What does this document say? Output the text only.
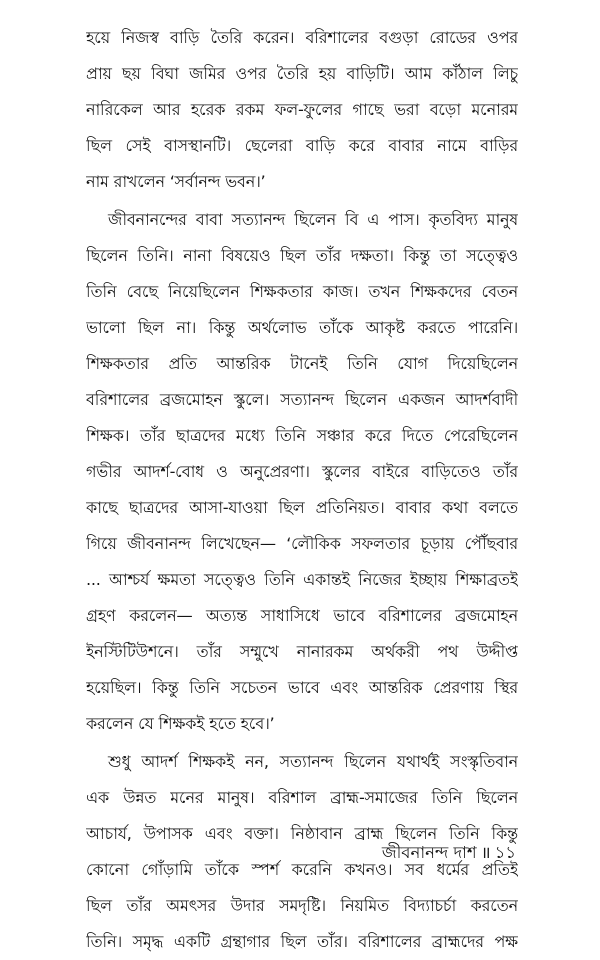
হয়ে নিজস্ব বাড়ি তৈরি করেন। বরিশালের বগুড়া রোডের ওপর
প্রায় ছয় বিঘা জমির ওপর তৈরি হয় বাড়িটি। আম কাঁঠাল লিচু
নারিকেল আর হরেক রকম ফল-ফুলের গাছে ভরা বড়ো মনোরম
ছিল সেই বাসস্থানটি। ছেলেরা বাড়ি করে বাবার নামে বাড়ির
নাম রাখলেন ‘সর্বানন্দ ভবন।’
জীবনানন্দের বাবা সত্যানন্দ ছিলেন বি এ পাস। কৃতবিদ্য মানুষ
ছিলেন তিনি। নানা বিষয়েও ছিল তাঁর দক্ষতা। কিন্তু তা সত্ত্বেও
তিনি বেছে নিয়েছিলেন শিক্ষকতার কাজ। তখন শিক্ষকদের বেতন
ভালো ছিল না। কিন্তু অর্থলোভ তাঁকে আকৃষ্ট করতে পারেনি।
শিক্ষকতার প্রতি আন্তরিক টানেই তিনি যোগ দিয়েছিলেন
বরিশালের ব্রজমোহন স্কুলে। সত্যানন্দ ছিলেন একজন আদর্শবাদী
শিক্ষক। তাঁর ছাত্রদের মধ্যে তিনি সঞ্চার করে দিতে পেরেছিলেন
গভীর আদর্শ-বোধ ও অনুপ্রেরণা। স্কুলের বাইরে বাড়িতেও তাঁর
কাছে ছাত্রদের আসা-যাওয়া ছিল প্রতিনিয়ত। বাবার কথা বলতে
গিয়ে জীবনানন্দ লিখেছেন— ‘লৌকিক সফলতার চূড়ায় পৌঁছবার
... আশ্চর্য ক্ষমতা সত্ত্বেও তিনি একান্তই নিজের ইচ্ছায় শিক্ষাব্রতই
গ্রহণ করলেন— অত্যন্ত সাধাসিধে ভাবে বরিশালের ব্রজমোহন
ইনস্টিটিউশনে। তাঁর সম্মুখে নানারকম অর্থকরী পথ উদ্দীপ্ত
হয়েছিল। কিন্তু তিনি সচেতন ভাবে এবং আন্তরিক প্রেরণায় স্থির
করলেন যে শিক্ষকই হতে হবে।’
শুধু আদর্শ শিক্ষকই নন, সত্যানন্দ ছিলেন যথার্থই সংস্কৃতিবান
এক উন্নত মনের মানুষ। বরিশাল ব্রাহ্ম-সমাজের তিনি ছিলেন
আচার্য, উপাসক এবং বক্তা। নিষ্ঠাবান ব্রাহ্ম ছিলেন তিনি কিন্তু
কোনো গোঁড়ামি তাঁকে স্পর্শ করেনি কখনও। সব ধর্মের প্রতিই
ছিল তাঁর অমৎসর উদার সমদৃষ্টি। নিয়মিত বিদ্যাচর্চা করতেন
তিনি। সমৃদ্ধ একটি গ্রন্থাগার ছিল তাঁর। বরিশালের ব্রাহ্মদের পক্ষ
জীবনানন্দ দাশ ॥ ১১
